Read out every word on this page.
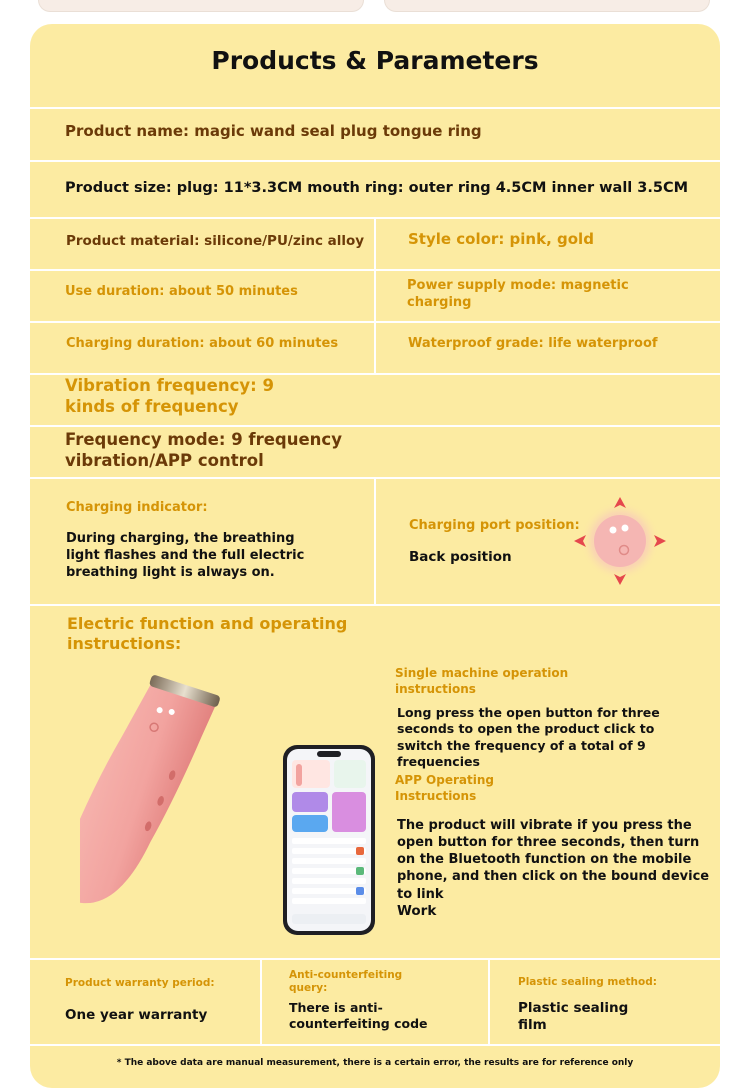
Products & Parameters
Product name: magic wand seal plug tongue ring
Product size: plug: 11*3.3CM mouth ring: outer ring 4.5CM inner wall 3.5CM
Product material: silicone/PU/zinc alloy	Style color: pink, gold
Use duration: about 50 minutes	Power supply mode: magnetic charging
Charging duration: about 60 minutes	Waterproof grade: life waterproof
Vibration frequency: 9 kinds of frequency
Frequency mode: 9 frequency vibration/APP control
Charging indicator:
During charging, the breathing light flashes and the full electric breathing light is always on.
Charging port position:
Back position
Electric function and operating instructions:
Single machine operation instructions
Long press the open button for three seconds to open the product click to switch the frequency of a total of 9 frequencies
APP Operating Instructions
The product will vibrate if you press the open button for three seconds, then turn on the Bluetooth function on the mobile phone, and then click on the bound device to link
Work
Product warranty period:
One year warranty
Anti-counterfeiting query:
There is anti-counterfeiting code
Plastic sealing method:
Plastic sealing film
* The above data are manual measurement, there is a certain error, the results are for reference only
